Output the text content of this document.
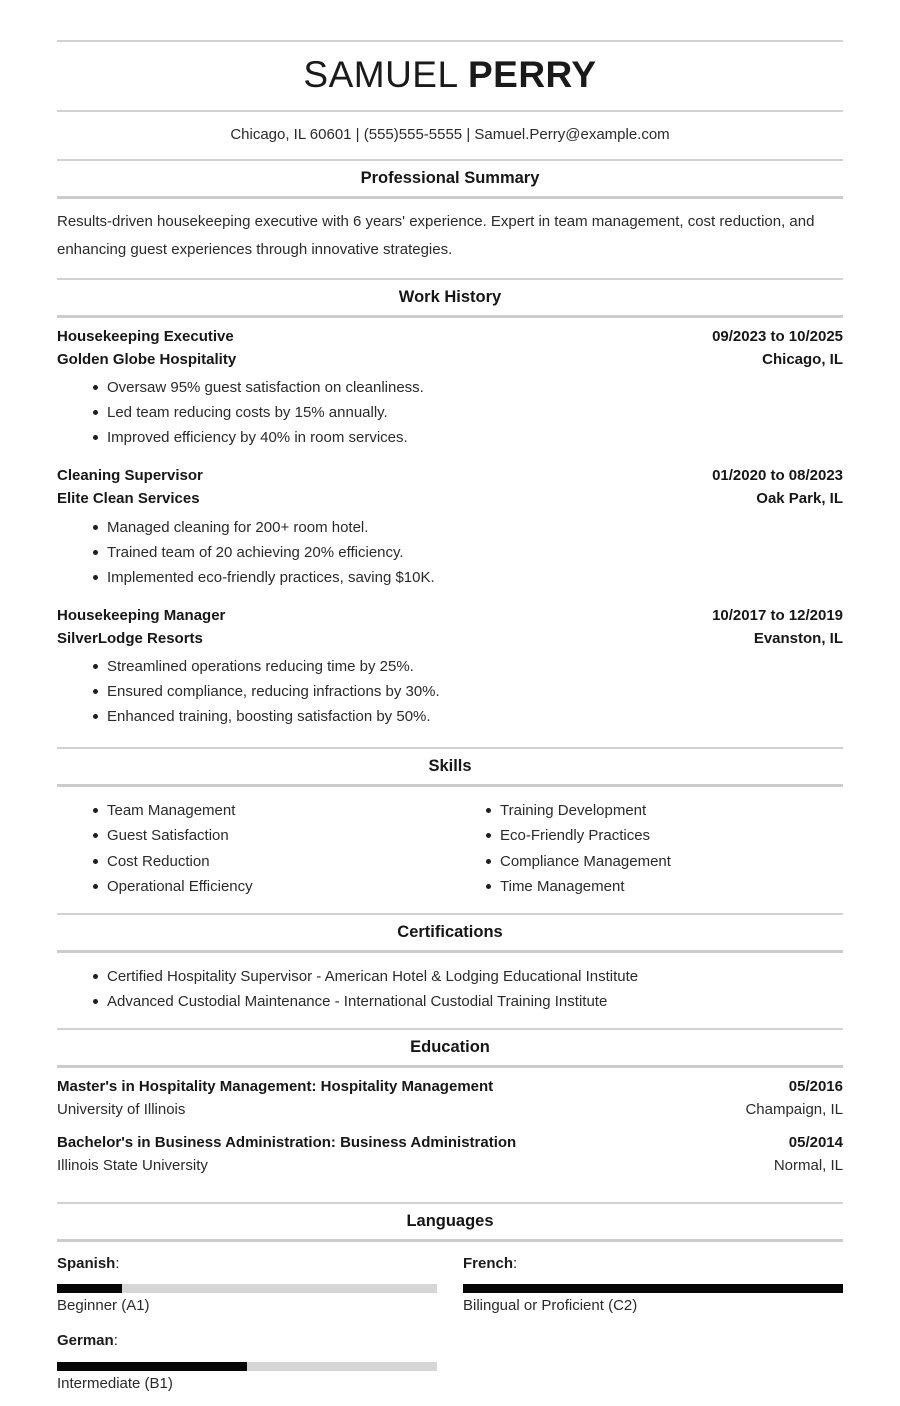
SAMUEL PERRY
Chicago, IL 60601 | (555)555-5555 | Samuel.Perry@example.com
Professional Summary

Results-driven housekeeping executive with 6 years' experience. Expert in team management, cost reduction, and enhancing guest experiences through innovative strategies.

Work History
Housekeeping Executive	09/2023 to 10/2025
Golden Globe Hospitality	Chicago, IL
Oversaw 95% guest satisfaction on cleanliness.
Led team reducing costs by 15% annually.
Improved efficiency by 40% in room services.
Cleaning Supervisor	01/2020 to 08/2023
Elite Clean Services	Oak Park, IL
Managed cleaning for 200+ room hotel.
Trained team of 20 achieving 20% efficiency.
Implemented eco-friendly practices, saving $10K.
Housekeeping Manager	10/2017 to 12/2019
SilverLodge Resorts	Evanston, IL
Streamlined operations reducing time by 25%.
Ensured compliance, reducing infractions by 30%.
Enhanced training, boosting satisfaction by 50%.
Skills
Team Management
Guest Satisfaction
Cost Reduction
Operational Efficiency
Training Development
Eco-Friendly Practices
Compliance Management
Time Management
Certifications
Certified Hospitality Supervisor - American Hotel & Lodging Educational Institute
Advanced Custodial Maintenance - International Custodial Training Institute
Education
Master's in Hospitality Management: Hospitality Management	05/2016
University of Illinois	Champaign, IL
Bachelor's in Business Administration: Business Administration	05/2014
Illinois State University	Normal, IL
Languages
Spanish:
Beginner (A1)
French:
Bilingual or Proficient (C2)
German:
Intermediate (B1)
